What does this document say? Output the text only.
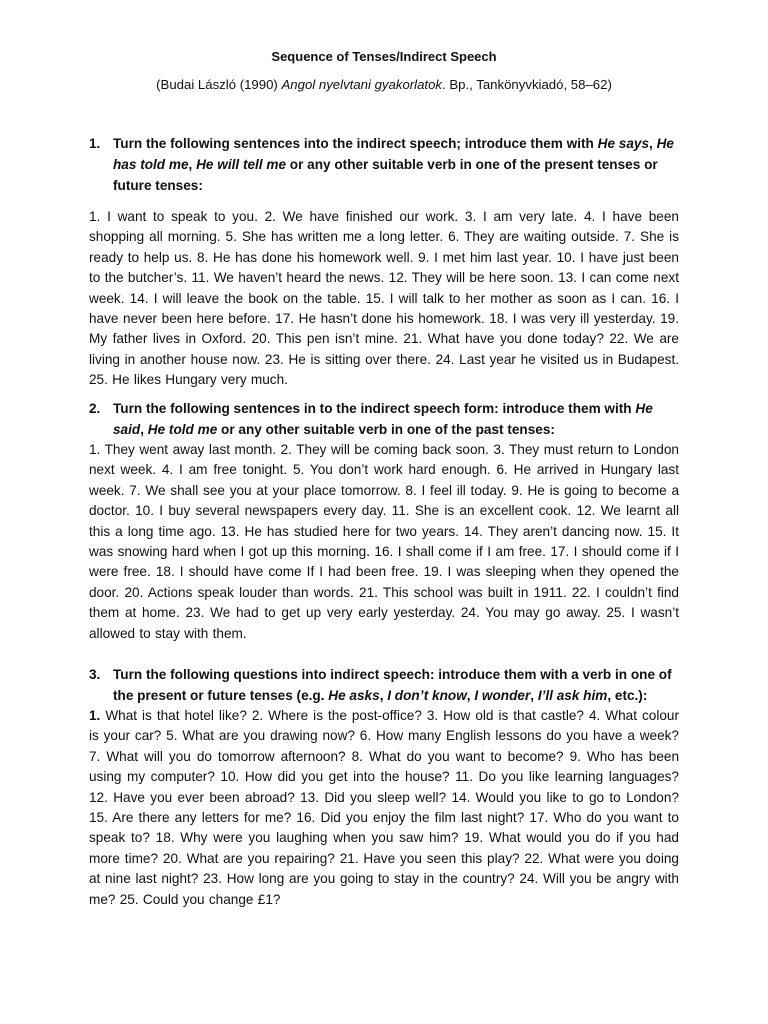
Sequence of Tenses/Indirect Speech
(Budai László (1990) Angol nyelvtani gyakorlatok. Bp., Tankönyvkiadó, 58–62)
1. Turn the following sentences into the indirect speech; introduce them with He says, He has told me, He will tell me or any other suitable verb in one of the present tenses or future tenses:
1. I want to speak to you. 2. We have finished our work. 3. I am very late. 4. I have been shopping all morning. 5. She has written me a long letter. 6. They are waiting outside. 7. She is ready to help us. 8. He has done his homework well. 9. I met him last year. 10. I have just been to the butcher’s. 11. We haven’t heard the news. 12. They will be here soon. 13. I can come next week. 14. I will leave the book on the table. 15. I will talk to her mother as soon as I can. 16. I have never been here before. 17. He hasn’t done his homework. 18. I was very ill yesterday. 19. My father lives in Oxford. 20. This pen isn’t mine. 21. What have you done today? 22. We are living in another house now. 23. He is sitting over there. 24. Last year he visited us in Budapest. 25. He likes Hungary very much.
2. Turn the following sentences in to the indirect speech form: introduce them with He said, He told me or any other suitable verb in one of the past tenses:
1. They went away last month. 2. They will be coming back soon. 3. They must return to London next week. 4. I am free tonight. 5. You don’t work hard enough. 6. He arrived in Hungary last week. 7. We shall see you at your place tomorrow. 8. I feel ill today. 9. He is going to become a doctor. 10. I buy several newspapers every day. 11. She is an excellent cook. 12. We learnt all this a long time ago. 13. He has studied here for two years. 14. They aren’t dancing now. 15. It was snowing hard when I got up this morning. 16. I shall come if I am free. 17. I should come if I were free. 18. I should have come If I had been free. 19. I was sleeping when they opened the door. 20. Actions speak louder than words. 21. This school was built in 1911. 22. I couldn’t find them at home. 23. We had to get up very early yesterday. 24. You may go away. 25. I wasn’t allowed to stay with them.
3. Turn the following questions into indirect speech: introduce them with a verb in one of the present or future tenses (e.g. He asks, I don’t know, I wonder, I’ll ask him, etc.):
1. What is that hotel like? 2. Where is the post-office? 3. How old is that castle? 4. What colour is your car? 5. What are you drawing now? 6. How many English lessons do you have a week? 7. What will you do tomorrow afternoon? 8. What do you want to become? 9. Who has been using my computer? 10. How did you get into the house? 11. Do you like learning languages? 12. Have you ever been abroad? 13. Did you sleep well? 14. Would you like to go to London? 15. Are there any letters for me? 16. Did you enjoy the film last night? 17. Who do you want to speak to? 18. Why were you laughing when you saw him? 19. What would you do if you had more time? 20. What are you repairing? 21. Have you seen this play? 22. What were you doing at nine last night? 23. How long are you going to stay in the country? 24. Will you be angry with me? 25. Could you change £1?
